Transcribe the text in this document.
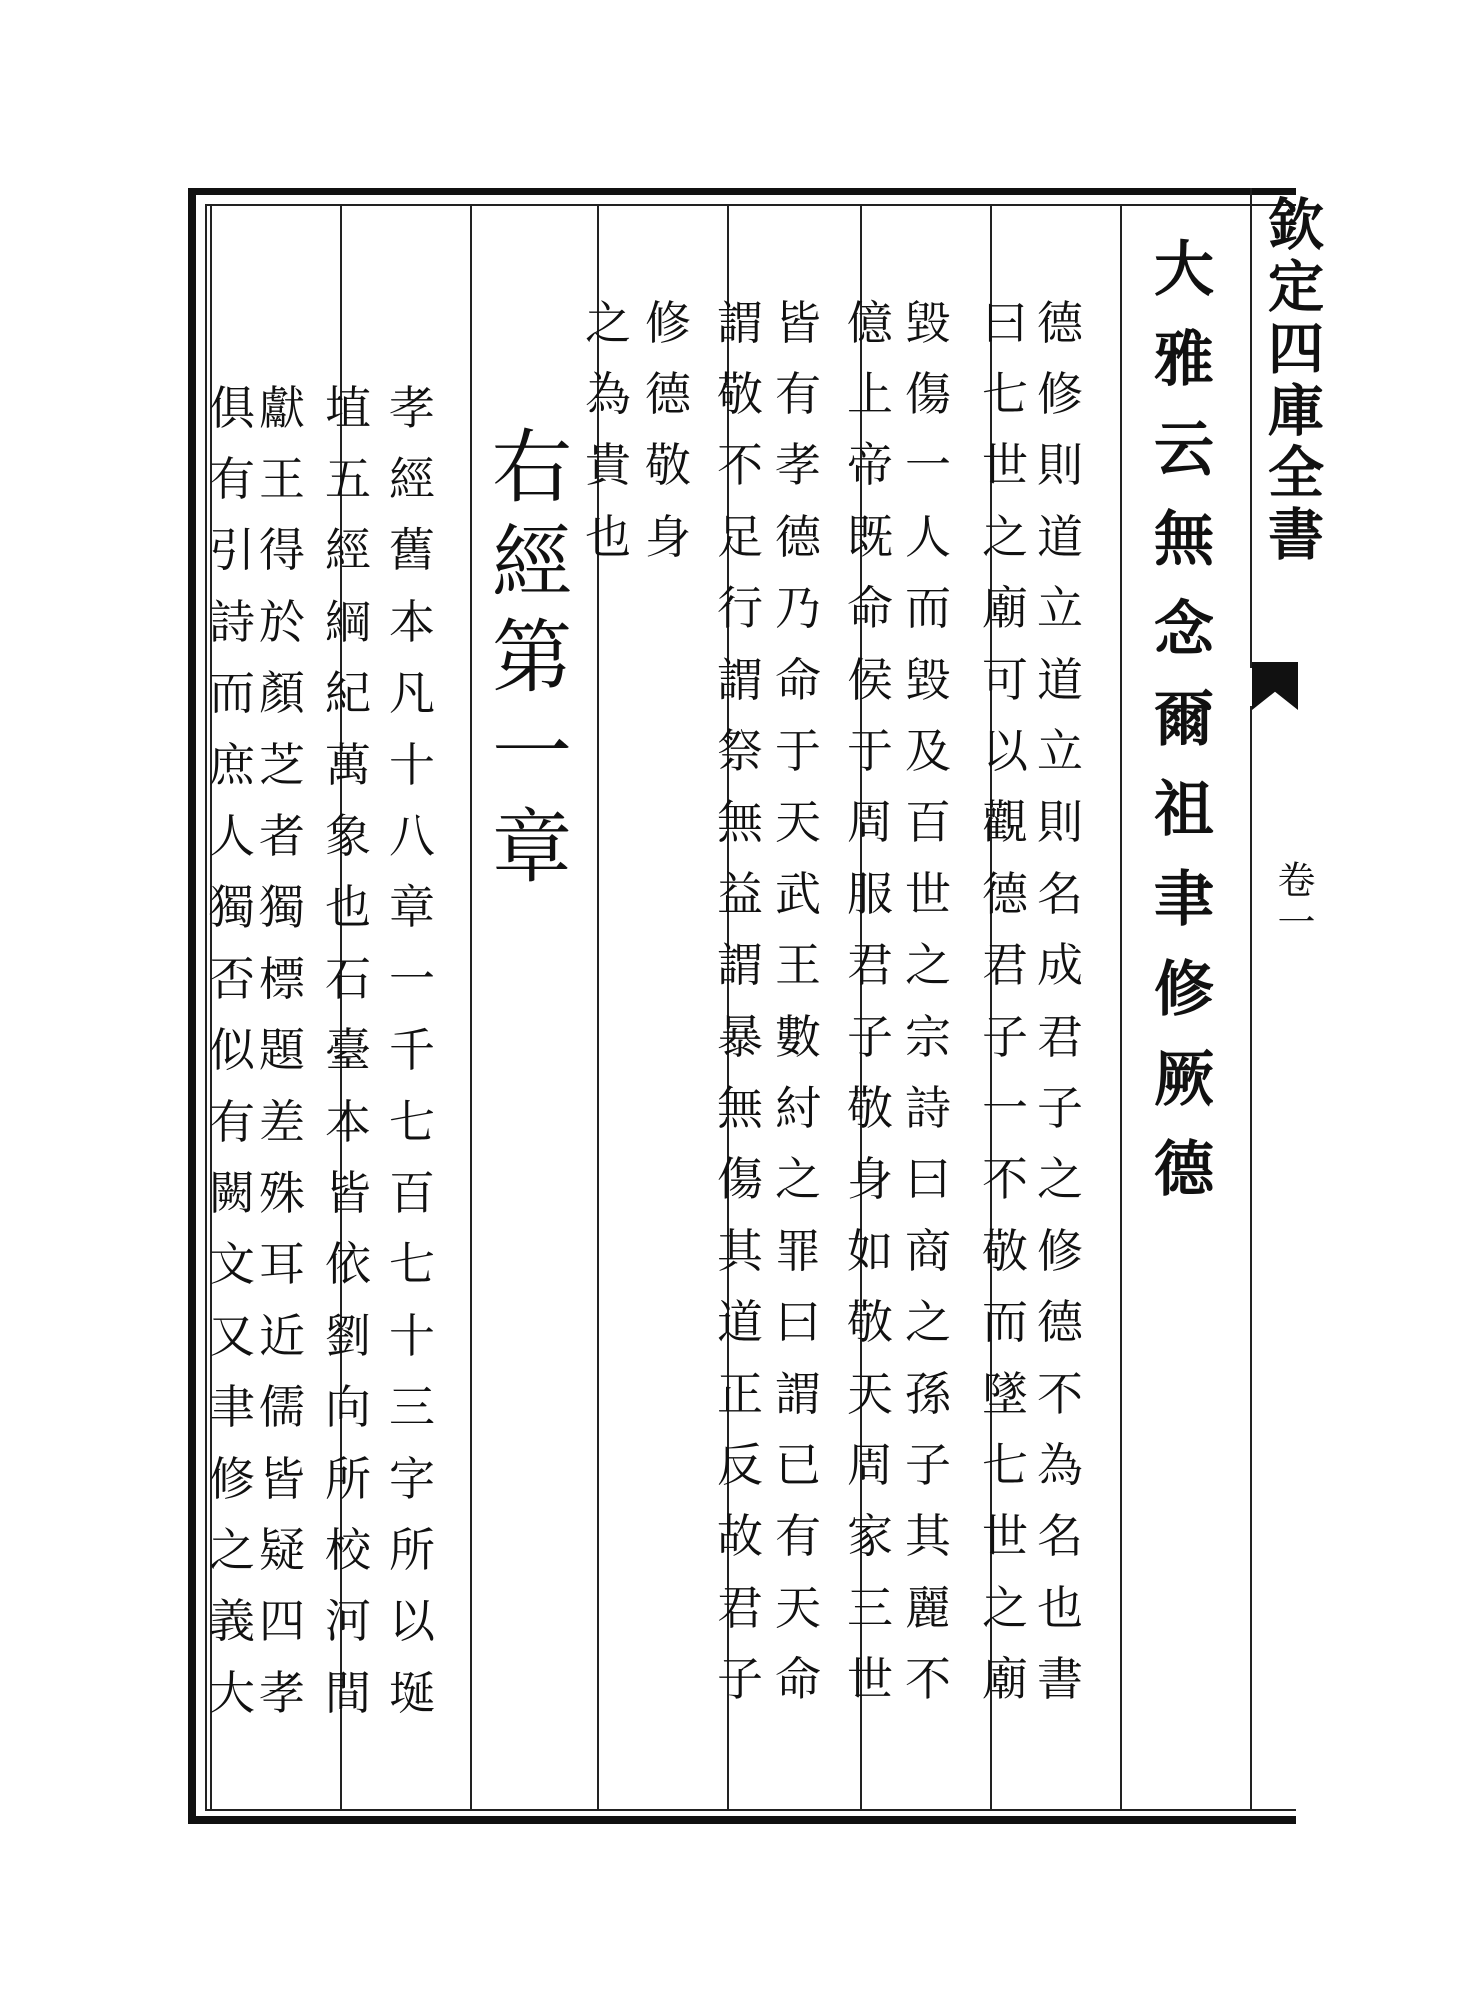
欽定四庫全書
卷一
大
雅
云
無
念
爾
祖
聿
修
厥
德
德
修
則
道
立
道
立
則
名
成
君
子
之
修
德
不
為
名
也
書
曰
七
世
之
廟
可
以
觀
德
君
子
一
不
敬
而
墜
七
世
之
廟
毀
傷
一
人
而
毀
及
百
世
之
宗
詩
曰
商
之
孫
子
其
麗
不
億
上
帝
既
命
侯
于
周
服
君
子
敬
身
如
敬
天
周
家
三
世
皆
有
孝
德
乃
命
于
天
武
王
數
紂
之
罪
曰
謂
已
有
天
命
謂
敬
不
足
行
謂
祭
無
益
謂
暴
無
傷
其
道
正
反
故
君
子
修
德
敬
身
之
為
貴
也
右
經
第
一
章
孝
經
舊
本
凡
十
八
章
一
千
七
百
七
十
三
字
所
以
埏
埴
五
經
綱
紀
萬
象
也
石
臺
本
皆
依
劉
向
所
校
河
間
獻
王
得
於
顏
芝
者
獨
標
題
差
殊
耳
近
儒
皆
疑
四
孝
俱
有
引
詩
而
庶
人
獨
否
似
有
闕
文
又
聿
修
之
義
大
